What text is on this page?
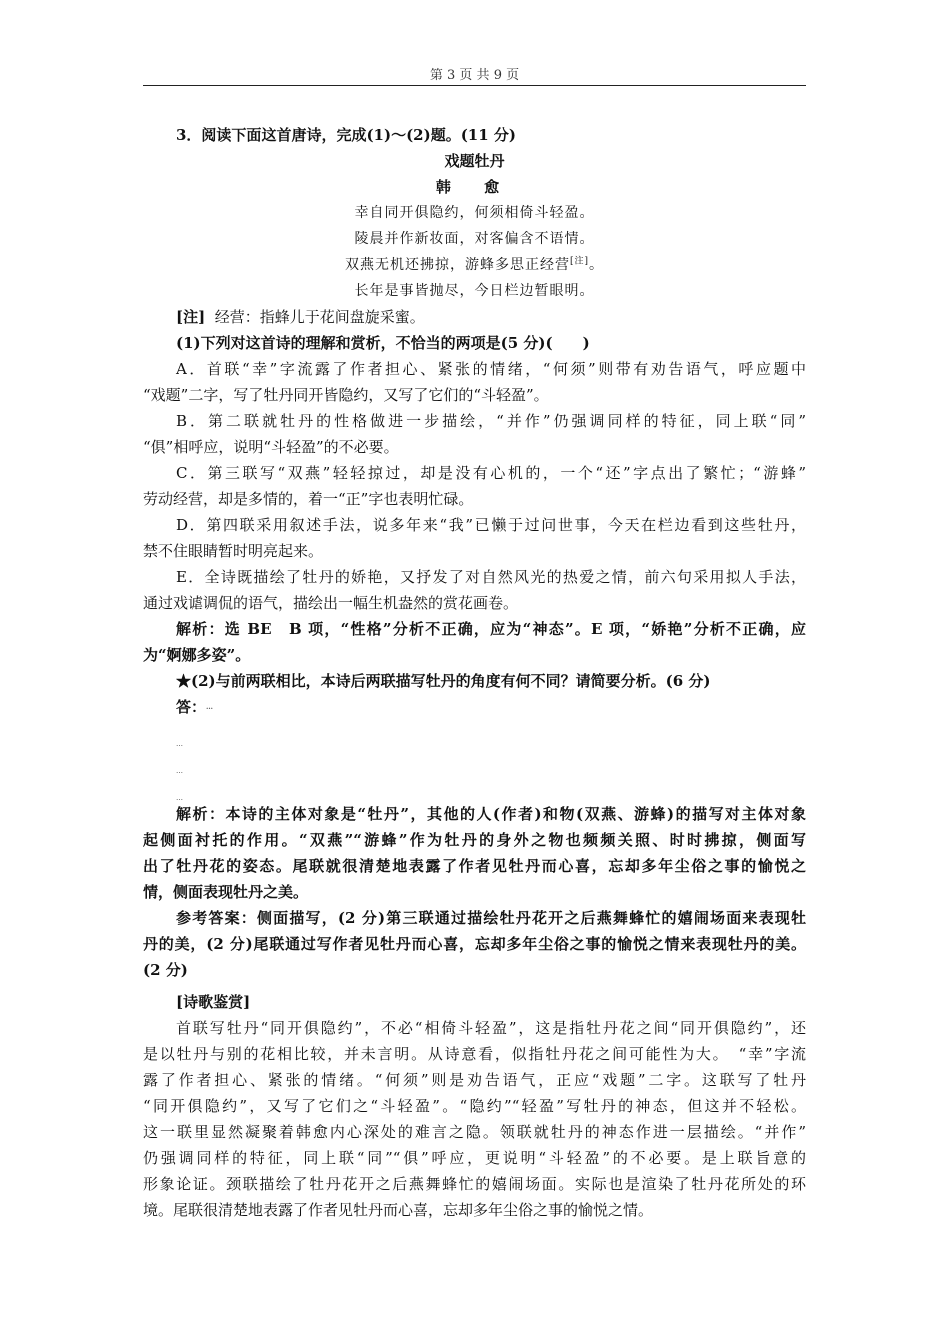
第 3 页 共 9 页
3．阅读下面这首唐诗，完成(1)～(2)题。(11 分)
戏题牡丹
韩 愈
幸自同开俱隐约，何须相倚斗轻盈。
陵晨并作新妆面，对客偏含不语情。
双燕无机还拂掠，游蜂多思正经营[注]。
长年是事皆抛尽，今日栏边暂眼明。
[注] 经营：指蜂儿于花间盘旋采蜜。
(1)下列对这首诗的理解和赏析，不恰当的两项是(5 分)(　　)
A．首联“幸”字流露了作者担心、紧张的情绪，“何须”则带有劝告语气，呼应题中
“戏题”二字，写了牡丹同开皆隐约，又写了它们的“斗轻盈”。
B．第二联就牡丹的性格做进一步描绘，“并作”仍强调同样的特征，同上联“同”
“俱”相呼应，说明“斗轻盈”的不必要。
C．第三联写“双燕”轻轻掠过，却是没有心机的，一个“还”字点出了繁忙；“游蜂”
劳动经营，却是多情的，着一“正”字也表明忙碌。
D．第四联采用叙述手法，说多年来“我”已懒于过问世事，今天在栏边看到这些牡丹，
禁不住眼睛暂时明亮起来。
E．全诗既描绘了牡丹的娇艳，又抒发了对自然风光的热爱之情，前六句采用拟人手法，
通过戏谑调侃的语气，描绘出一幅生机盎然的赏花画卷。
解析：选 BE　B 项，“性格”分析不正确，应为“神态”。E 项，“娇艳”分析不正确，应
为“婀娜多姿”。
★(2)与前两联相比，本诗后两联描写牡丹的角度有何不同？请简要分析。(6 分)
答：…
…
…
…
解析：本诗的主体对象是“牡丹”，其他的人(作者)和物(双燕、游蜂)的描写对主体对象
起侧面衬托的作用。“双燕”“游蜂”作为牡丹的身外之物也频频关照、时时拂掠，侧面写
出了牡丹花的姿态。尾联就很清楚地表露了作者见牡丹而心喜，忘却多年尘俗之事的愉悦之
情，侧面表现牡丹之美。
参考答案：侧面描写，(2 分)第三联通过描绘牡丹花开之后燕舞蜂忙的嬉闹场面来表现牡
丹的美，(2 分)尾联通过写作者见牡丹而心喜，忘却多年尘俗之事的愉悦之情来表现牡丹的美。
(2 分)
[诗歌鉴赏]
首联写牡丹“同开俱隐约”，不必“相倚斗轻盈”，这是指牡丹花之间“同开俱隐约”，还
是以牡丹与别的花相比较，并未言明。从诗意看，似指牡丹花之间可能性为大。　“幸”字流
露了作者担心、紧张的情绪。“何须”则是劝告语气，正应“戏题”二字。这联写了牡丹
“同开俱隐约”，又写了它们之“斗轻盈”。“隐约”“轻盈”写牡丹的神态，但这并不轻松。
这一联里显然凝聚着韩愈内心深处的难言之隐。领联就牡丹的神态作进一层描绘。“并作”
仍强调同样的特征，同上联“同”“俱”呼应，更说明“斗轻盈”的不必要。是上联旨意的
形象论证。颈联描绘了牡丹花开之后燕舞蜂忙的嬉闹场面。实际也是渲染了牡丹花所处的环
境。尾联很清楚地表露了作者见牡丹而心喜，忘却多年尘俗之事的愉悦之情。
